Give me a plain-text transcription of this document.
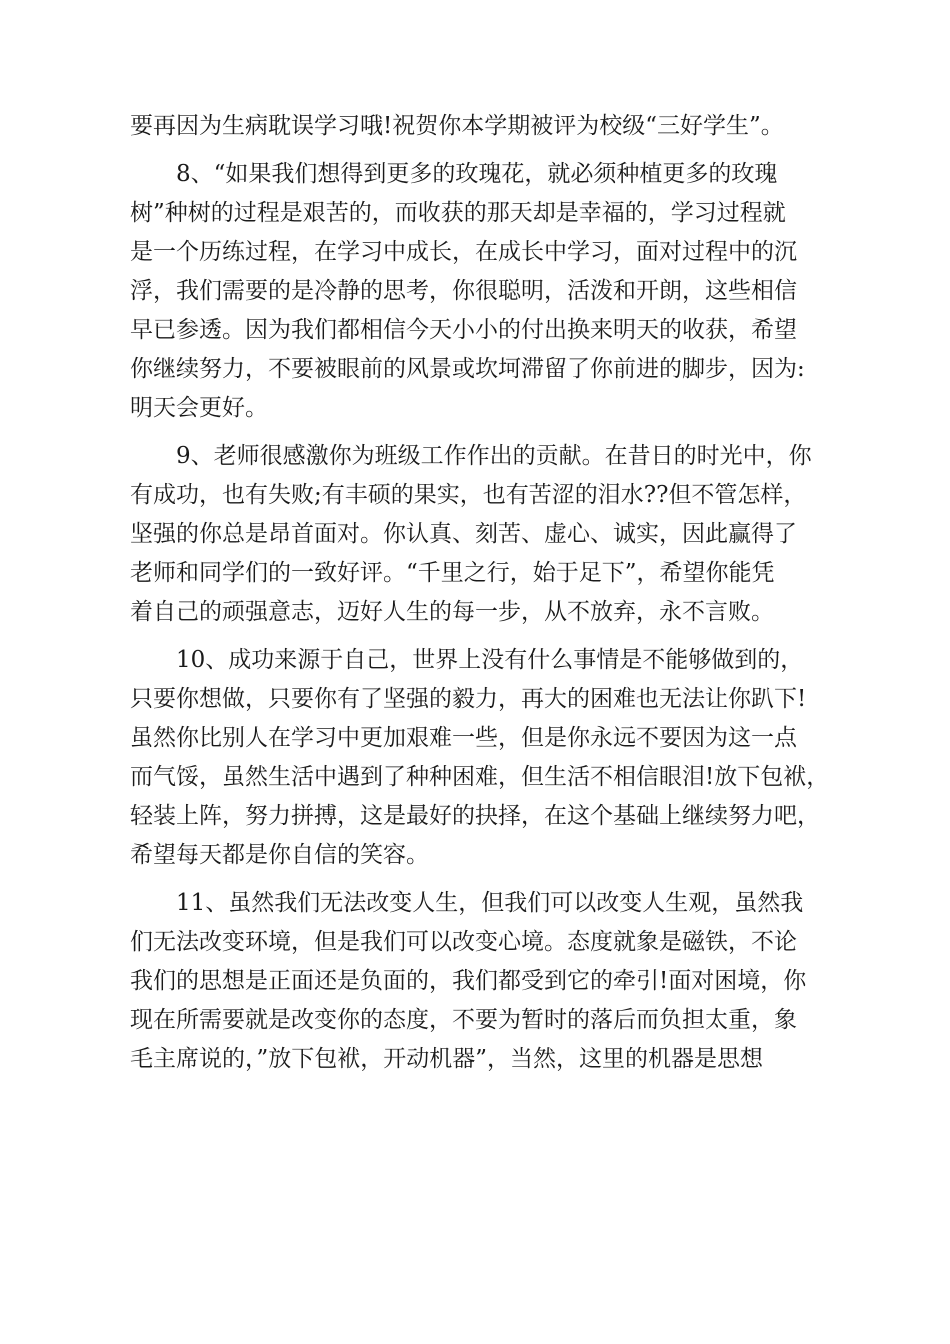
要再因为生病耽误学习哦!祝贺你本学期被评为校级“三好学生”。
8、“如果我们想得到更多的玫瑰花，就必须种植更多的玫瑰
树”种树的过程是艰苦的，而收获的那天却是幸福的，学习过程就
是一个历练过程，在学习中成长，在成长中学习，面对过程中的沉
浮，我们需要的是冷静的思考，你很聪明，活泼和开朗，这些相信
早已参透。因为我们都相信今天小小的付出换来明天的收获，希望
你继续努力，不要被眼前的风景或坎坷滞留了你前进的脚步，因为:
明天会更好。
9、老师很感激你为班级工作作出的贡献。在昔日的时光中，你
有成功，也有失败;有丰硕的果实，也有苦涩的泪水??但不管怎样，
坚强的你总是昂首面对。你认真、刻苦、虚心、诚实，因此赢得了
老师和同学们的一致好评。“千里之行，始于足下”，希望你能凭
着自己的顽强意志，迈好人生的每一步，从不放弃，永不言败。
10、成功来源于自己，世界上没有什么事情是不能够做到的，
只要你想做，只要你有了坚强的毅力，再大的困难也无法让你趴下!
虽然你比别人在学习中更加艰难一些，但是你永远不要因为这一点
而气馁，虽然生活中遇到了种种困难，但生活不相信眼泪!放下包袱，
轻装上阵，努力拼搏，这是最好的抉择，在这个基础上继续努力吧，
希望每天都是你自信的笑容。
11、虽然我们无法改变人生，但我们可以改变人生观，虽然我
们无法改变环境，但是我们可以改变心境。态度就象是磁铁，不论
我们的思想是正面还是负面的，我们都受到它的牵引!面对困境，你
现在所需要就是改变你的态度，不要为暂时的落后而负担太重，象
毛主席说的，”放下包袱，开动机器”，当然，这里的机器是思想
